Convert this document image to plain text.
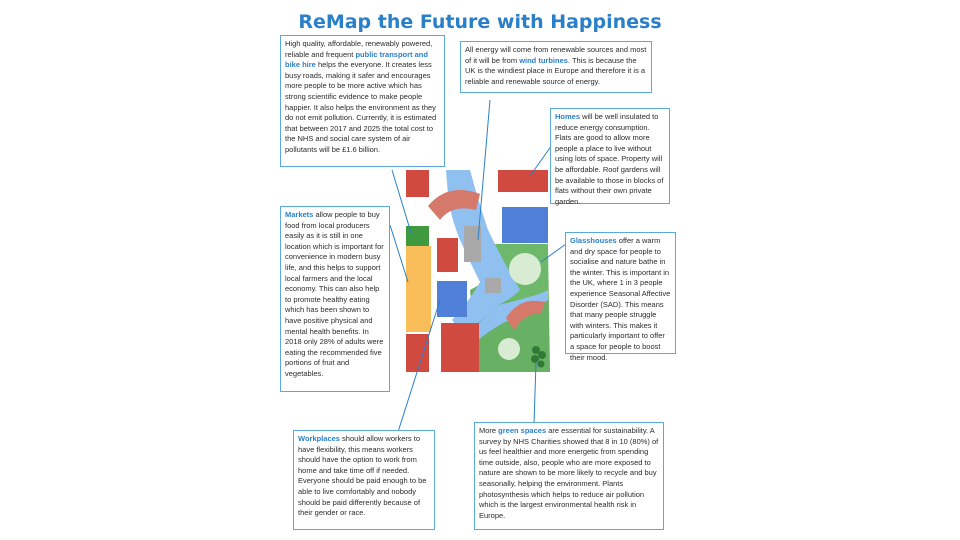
ReMap the Future with Happiness
High quality, affordable, renewably powered, reliable and frequent public transport and bike hire helps the everyone. It creates less busy roads, making it safer and encourages more people to be more active which has strong scientific evidence to make people happier. It also helps the environment as they do not emit pollution. Currently, it is estimated that between 2017 and 2025 the total cost to the NHS and social care system of air pollutants will be £1.6 billion.
All energy will come from renewable sources and most of it will be from wind turbines. This is because the UK is the windiest place in Europe and therefore it is a reliable and renewable source of energy.
Homes will be well insulated to reduce energy consumption. Flats are good to allow more people a place to live without using lots of space. Property will be affordable. Roof gardens will be available to those in blocks of flats without their own private garden.
Markets allow people to buy food from local producers easily as it is still in one location which is important for convenience in modern busy life, and this helps to support local farmers and the local economy. This can also help to promote healthy eating which has been shown to have positive physical and mental health benefits. In 2018 only 28% of adults were eating the recommended five portions of fruit and vegetables.
Glasshouses offer a warm and dry space for people to socialise and nature bathe in the winter. This is important in the UK, where 1 in 3 people experience Seasonal Affective Disorder (SAD). This means that many people struggle with winters. This makes it particularly important to offer a space for people to boost their mood.
Workplaces should allow workers to have flexibility, this means workers should have the option to work from home and take time off if needed. Everyone should be paid enough to be able to live comfortably and nobody should be paid differently because of their gender or race.
More green spaces are essential for sustainability. A survey by NHS Charities showed that 8 in 10 (80%) of us feel healthier and more energetic from spending time outside, also, people who are more exposed to nature are shown to be more likely to recycle and buy seasonally, helping the environment. Plants photosynthesis which helps to reduce air pollution which is the largest environmental health risk in Europe.
